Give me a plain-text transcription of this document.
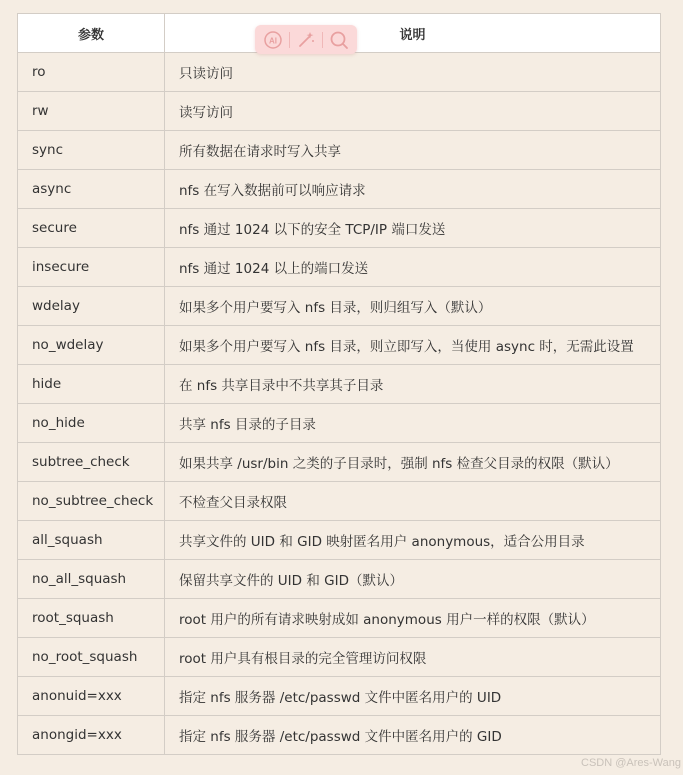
参数	说明
ro	只读访问
rw	读写访问
sync	所有数据在请求时写入共享
async	nfs 在写入数据前可以响应请求
secure	nfs 通过 1024 以下的安全 TCP/IP 端口发送
insecure	nfs 通过 1024 以上的端口发送
wdelay	如果多个用户要写入 nfs 目录，则归组写入（默认）
no_wdelay	如果多个用户要写入 nfs 目录，则立即写入，当使用 async 时，无需此设置
hide	在 nfs 共享目录中不共享其子目录
no_hide	共享 nfs 目录的子目录
subtree_check	如果共享 /usr/bin 之类的子目录时，强制 nfs 检查父目录的权限（默认）
no_subtree_check	不检查父目录权限
all_squash	共享文件的 UID 和 GID 映射匿名用户 anonymous，适合公用目录
no_all_squash	保留共享文件的 UID 和 GID（默认）
root_squash	root 用户的所有请求映射成如 anonymous 用户一样的权限（默认）
no_root_squash	root 用户具有根目录的完全管理访问权限
anonuid=xxx	指定 nfs 服务器 /etc/passwd 文件中匿名用户的 UID
anongid=xxx	指定 nfs 服务器 /etc/passwd 文件中匿名用户的 GID
AI
CSDN @Ares-Wang
